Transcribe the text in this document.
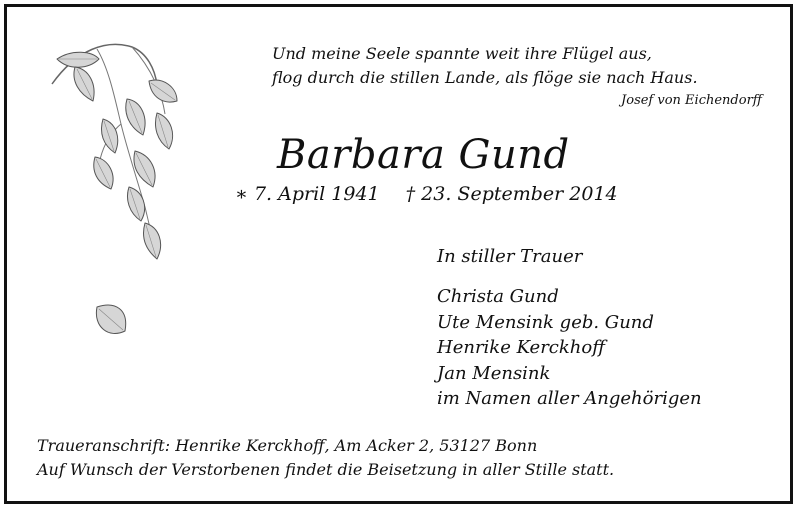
Und meine Seele spannte weit ihre Flügel aus,
flog durch die stillen Lande, als flöge sie nach Haus.
Josef von Eichendorff
Barbara Gund
∗ 7. April 1941 † 23. September 2014
In stiller Trauer
Christa Gund
Ute Mensink geb. Gund
Henrike Kerckhoff
Jan Mensink
im Namen aller Angehörigen
Traueranschrift: Henrike Kerckhoff, Am Acker 2, 53127 Bonn
Auf Wunsch der Verstorbenen findet die Beisetzung in aller Stille statt.
